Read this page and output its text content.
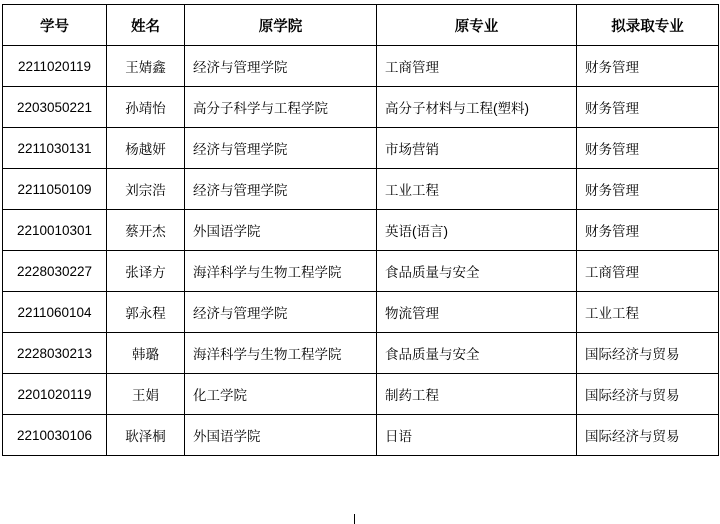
学号	姓名	原学院	原专业	拟录取专业
2211020119	王婧鑫	经济与管理学院	工商管理	财务管理
2203050221	孙靖怡	高分子科学与工程学院	高分子材料与工程(塑料)	财务管理
2211030131	杨越妍	经济与管理学院	市场营销	财务管理
2211050109	刘宗浩	经济与管理学院	工业工程	财务管理
2210010301	蔡开杰	外国语学院	英语(语言)	财务管理
2228030227	张译方	海洋科学与生物工程学院	食品质量与安全	工商管理
2211060104	郭永程	经济与管理学院	物流管理	工业工程
2228030213	韩璐	海洋科学与生物工程学院	食品质量与安全	国际经济与贸易
2201020119	王娟	化工学院	制药工程	国际经济与贸易
2210030106	耿泽桐	外国语学院	日语	国际经济与贸易
